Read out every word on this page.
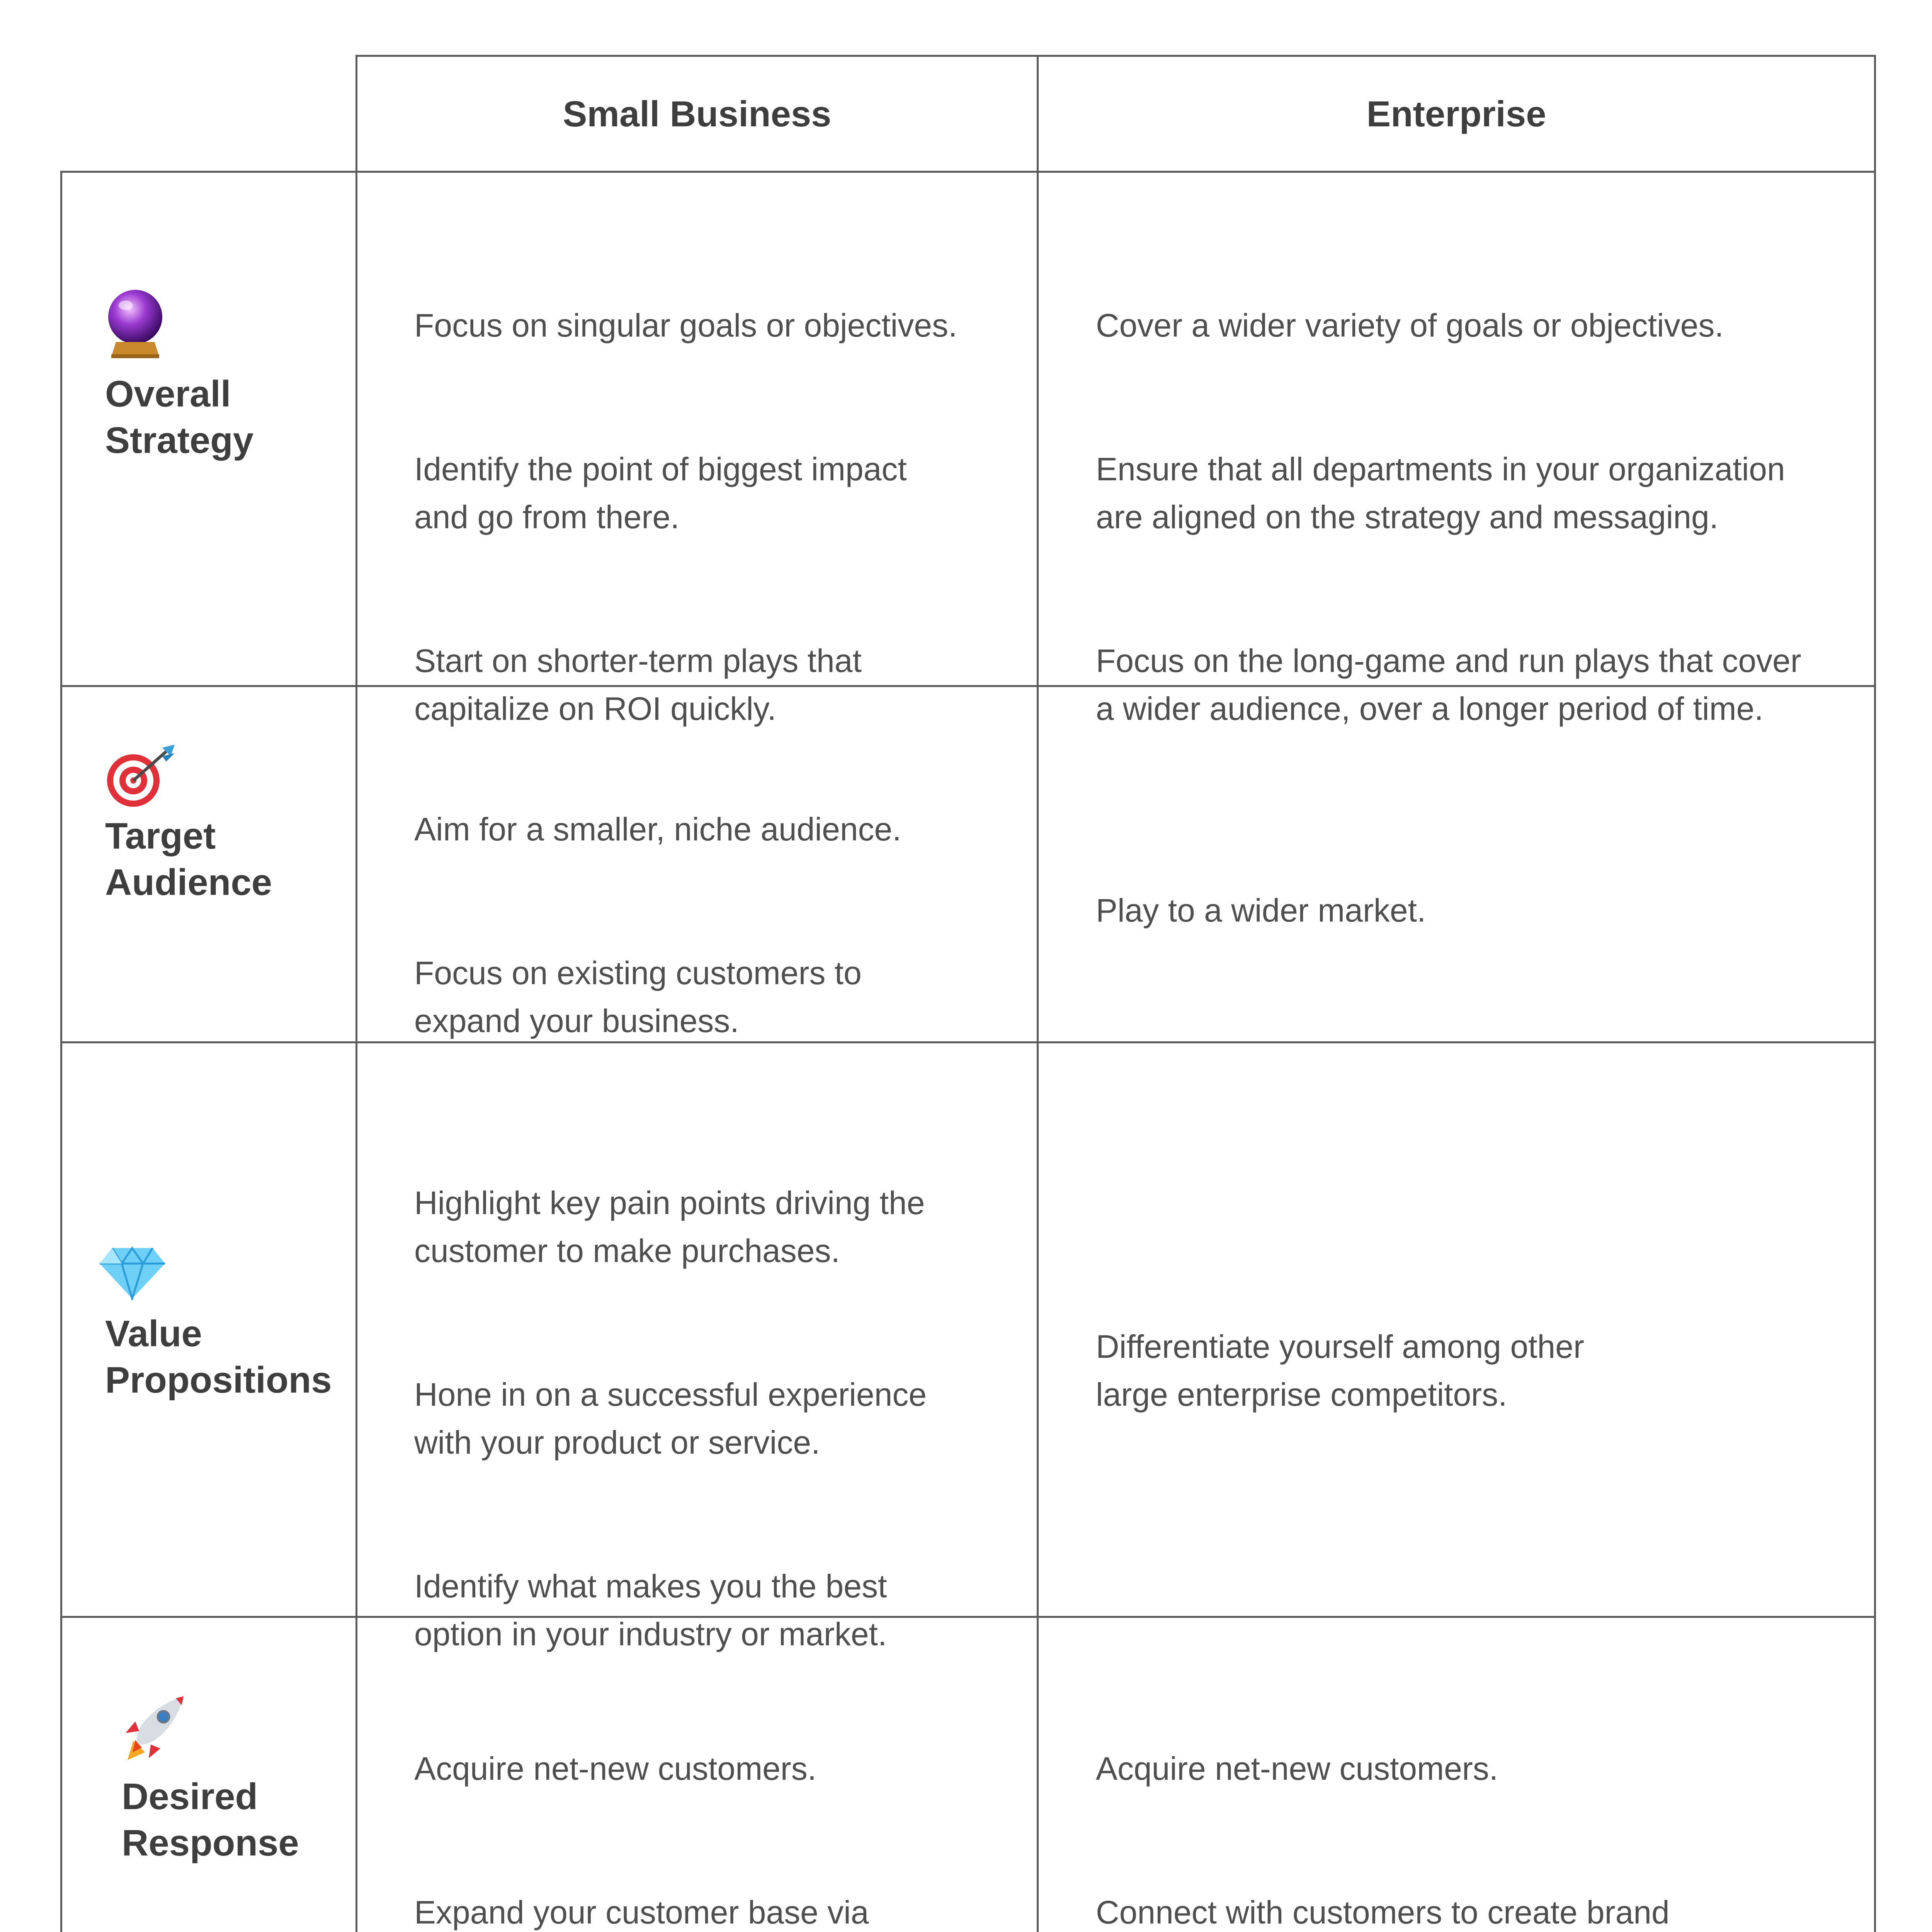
Small Business	Enterprise
Overall
Strategy

Focus on singular goals or objectives.

Identify the point of biggest impact
and go from there.

Start on shorter-term plays that
capitalize on ROI quickly.

Cover a wider variety of goals or objectives.

Ensure that all departments in your organization
are aligned on the strategy and messaging.

Focus on the long-game and run plays that cover
a wider audience, over a longer period of time.

Target
Audience

Aim for a smaller, niche audience.

Focus on existing customers to
expand your business.

Play to a wider market.

Value
Propositions

Highlight key pain points driving the
customer to make purchases.

Hone in on a successful experience
with your product or service.

Identify what makes you the best
option in your industry or market.

Differentiate yourself among other
large enterprise competitors.

Desired
Response

Acquire net-new customers.

Expand your customer base via

Acquire net-new customers.

Connect with customers to create brand
